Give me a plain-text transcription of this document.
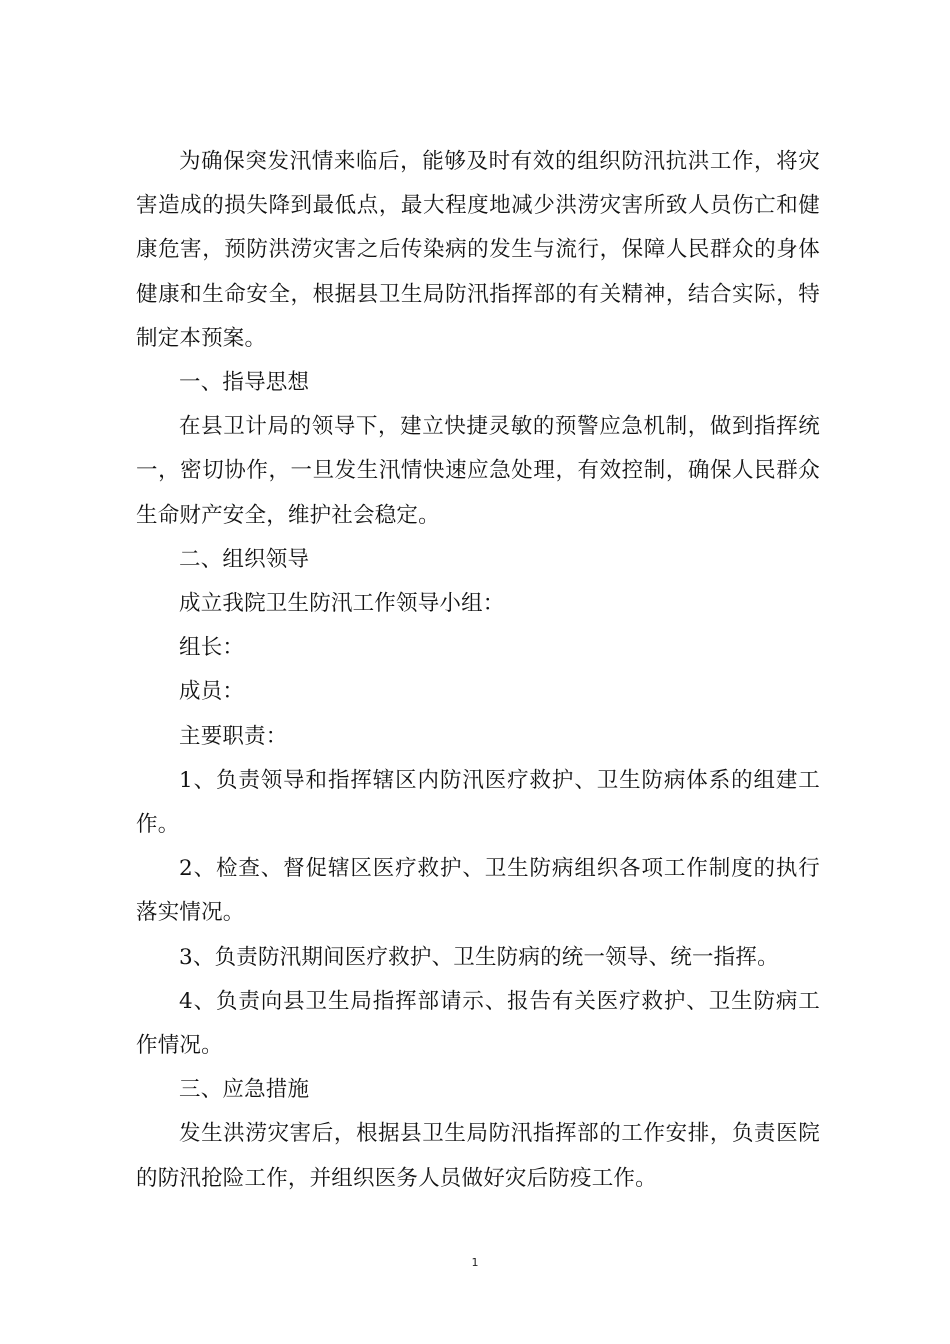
为确保突发汛情来临后，能够及时有效的组织防汛抗洪工作，将灾害造成的损失降到最低点，最大程度地减少洪涝灾害所致人员伤亡和健康危害，预防洪涝灾害之后传染病的发生与流行，保障人民群众的身体健康和生命安全，根据县卫生局防汛指挥部的有关精神，结合实际，特制定本预案。

一、指导思想

在县卫计局的领导下，建立快捷灵敏的预警应急机制，做到指挥统一，密切协作，一旦发生汛情快速应急处理，有效控制，确保人民群众生命财产安全，维护社会稳定。

二、组织领导

成立我院卫生防汛工作领导小组：

组长：

成员：

主要职责：

1、负责领导和指挥辖区内防汛医疗救护、卫生防病体系的组建工作。

2、检查、督促辖区医疗救护、卫生防病组织各项工作制度的执行落实情况。

3、负责防汛期间医疗救护、卫生防病的统一领导、统一指挥。

4、负责向县卫生局指挥部请示、报告有关医疗救护、卫生防病工作情况。

三、应急措施

发生洪涝灾害后，根据县卫生局防汛指挥部的工作安排，负责医院的防汛抢险工作，并组织医务人员做好灾后防疫工作。

1
